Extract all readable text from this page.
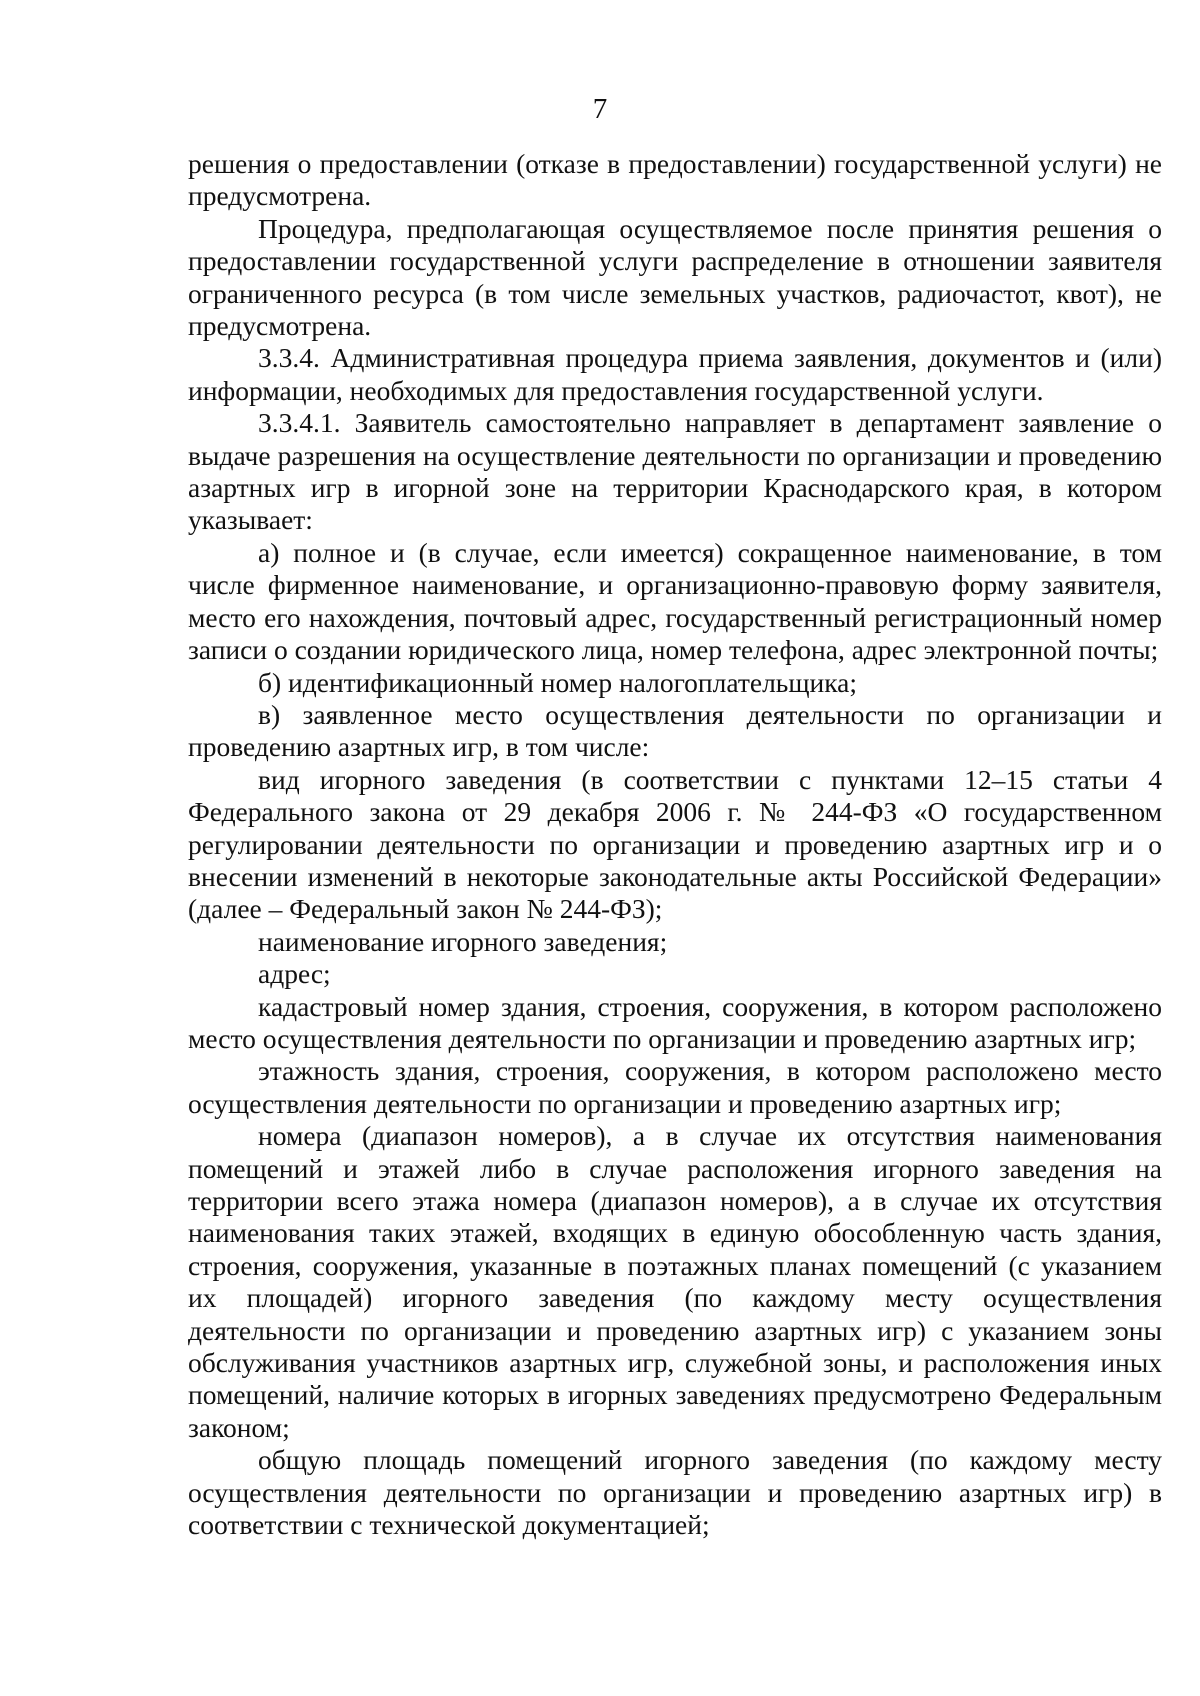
7

решения о предоставлении (отказе в предоставлении) государственной услуги) не предусмотрена.

Процедура, предполагающая осуществляемое после принятия решения о предоставлении государственной услуги распределение в отношении заявителя ограниченного ресурса (в том числе земельных участков, радиочастот, квот), не предусмотрена.

3.3.4. Административная процедура приема заявления, документов и (или) информации, необходимых для предоставления государственной услуги.

3.3.4.1. Заявитель самостоятельно направляет в департамент заявление о выдаче разрешения на осуществление деятельности по организации и проведению азартных игр в игорной зоне на территории Краснодарского края, в котором указывает:

а) полное и (в случае, если имеется) сокращенное наименование, в том числе фирменное наименование, и организационно-правовую форму заявителя, место его нахождения, почтовый адрес, государственный регистрационный номер записи о создании юридического лица, номер телефона, адрес электронной почты;

б) идентификационный номер налогоплательщика;

в) заявленное место осуществления деятельности по организации и проведению азартных игр, в том числе:

вид игорного заведения (в соответствии с пунктами 12–15 статьи 4 Федерального закона от 29 декабря 2006 г. № 244-ФЗ «О государственном регулировании деятельности по организации и проведению азартных игр и о внесении изменений в некоторые законодательные акты Российской Федерации» (далее – Федеральный закон № 244-ФЗ);

наименование игорного заведения;

адрес;

кадастровый номер здания, строения, сооружения, в котором расположено место осуществления деятельности по организации и проведению азартных игр;

этажность здания, строения, сооружения, в котором расположено место осуществления деятельности по организации и проведению азартных игр;

номера (диапазон номеров), а в случае их отсутствия наименования помещений и этажей либо в случае расположения игорного заведения на территории всего этажа номера (диапазон номеров), а в случае их отсутствия наименования таких этажей, входящих в единую обособленную часть здания, строения, сооружения, указанные в поэтажных планах помещений (с указанием их площадей) игорного заведения (по каждому месту осуществления деятельности по организации и проведению азартных игр) с указанием зоны обслуживания участников азартных игр, служебной зоны, и расположения иных помещений, наличие которых в игорных заведениях предусмотрено Федеральным законом;

общую площадь помещений игорного заведения (по каждому месту осуществления деятельности по организации и проведению азартных игр) в соответствии с технической документацией;
